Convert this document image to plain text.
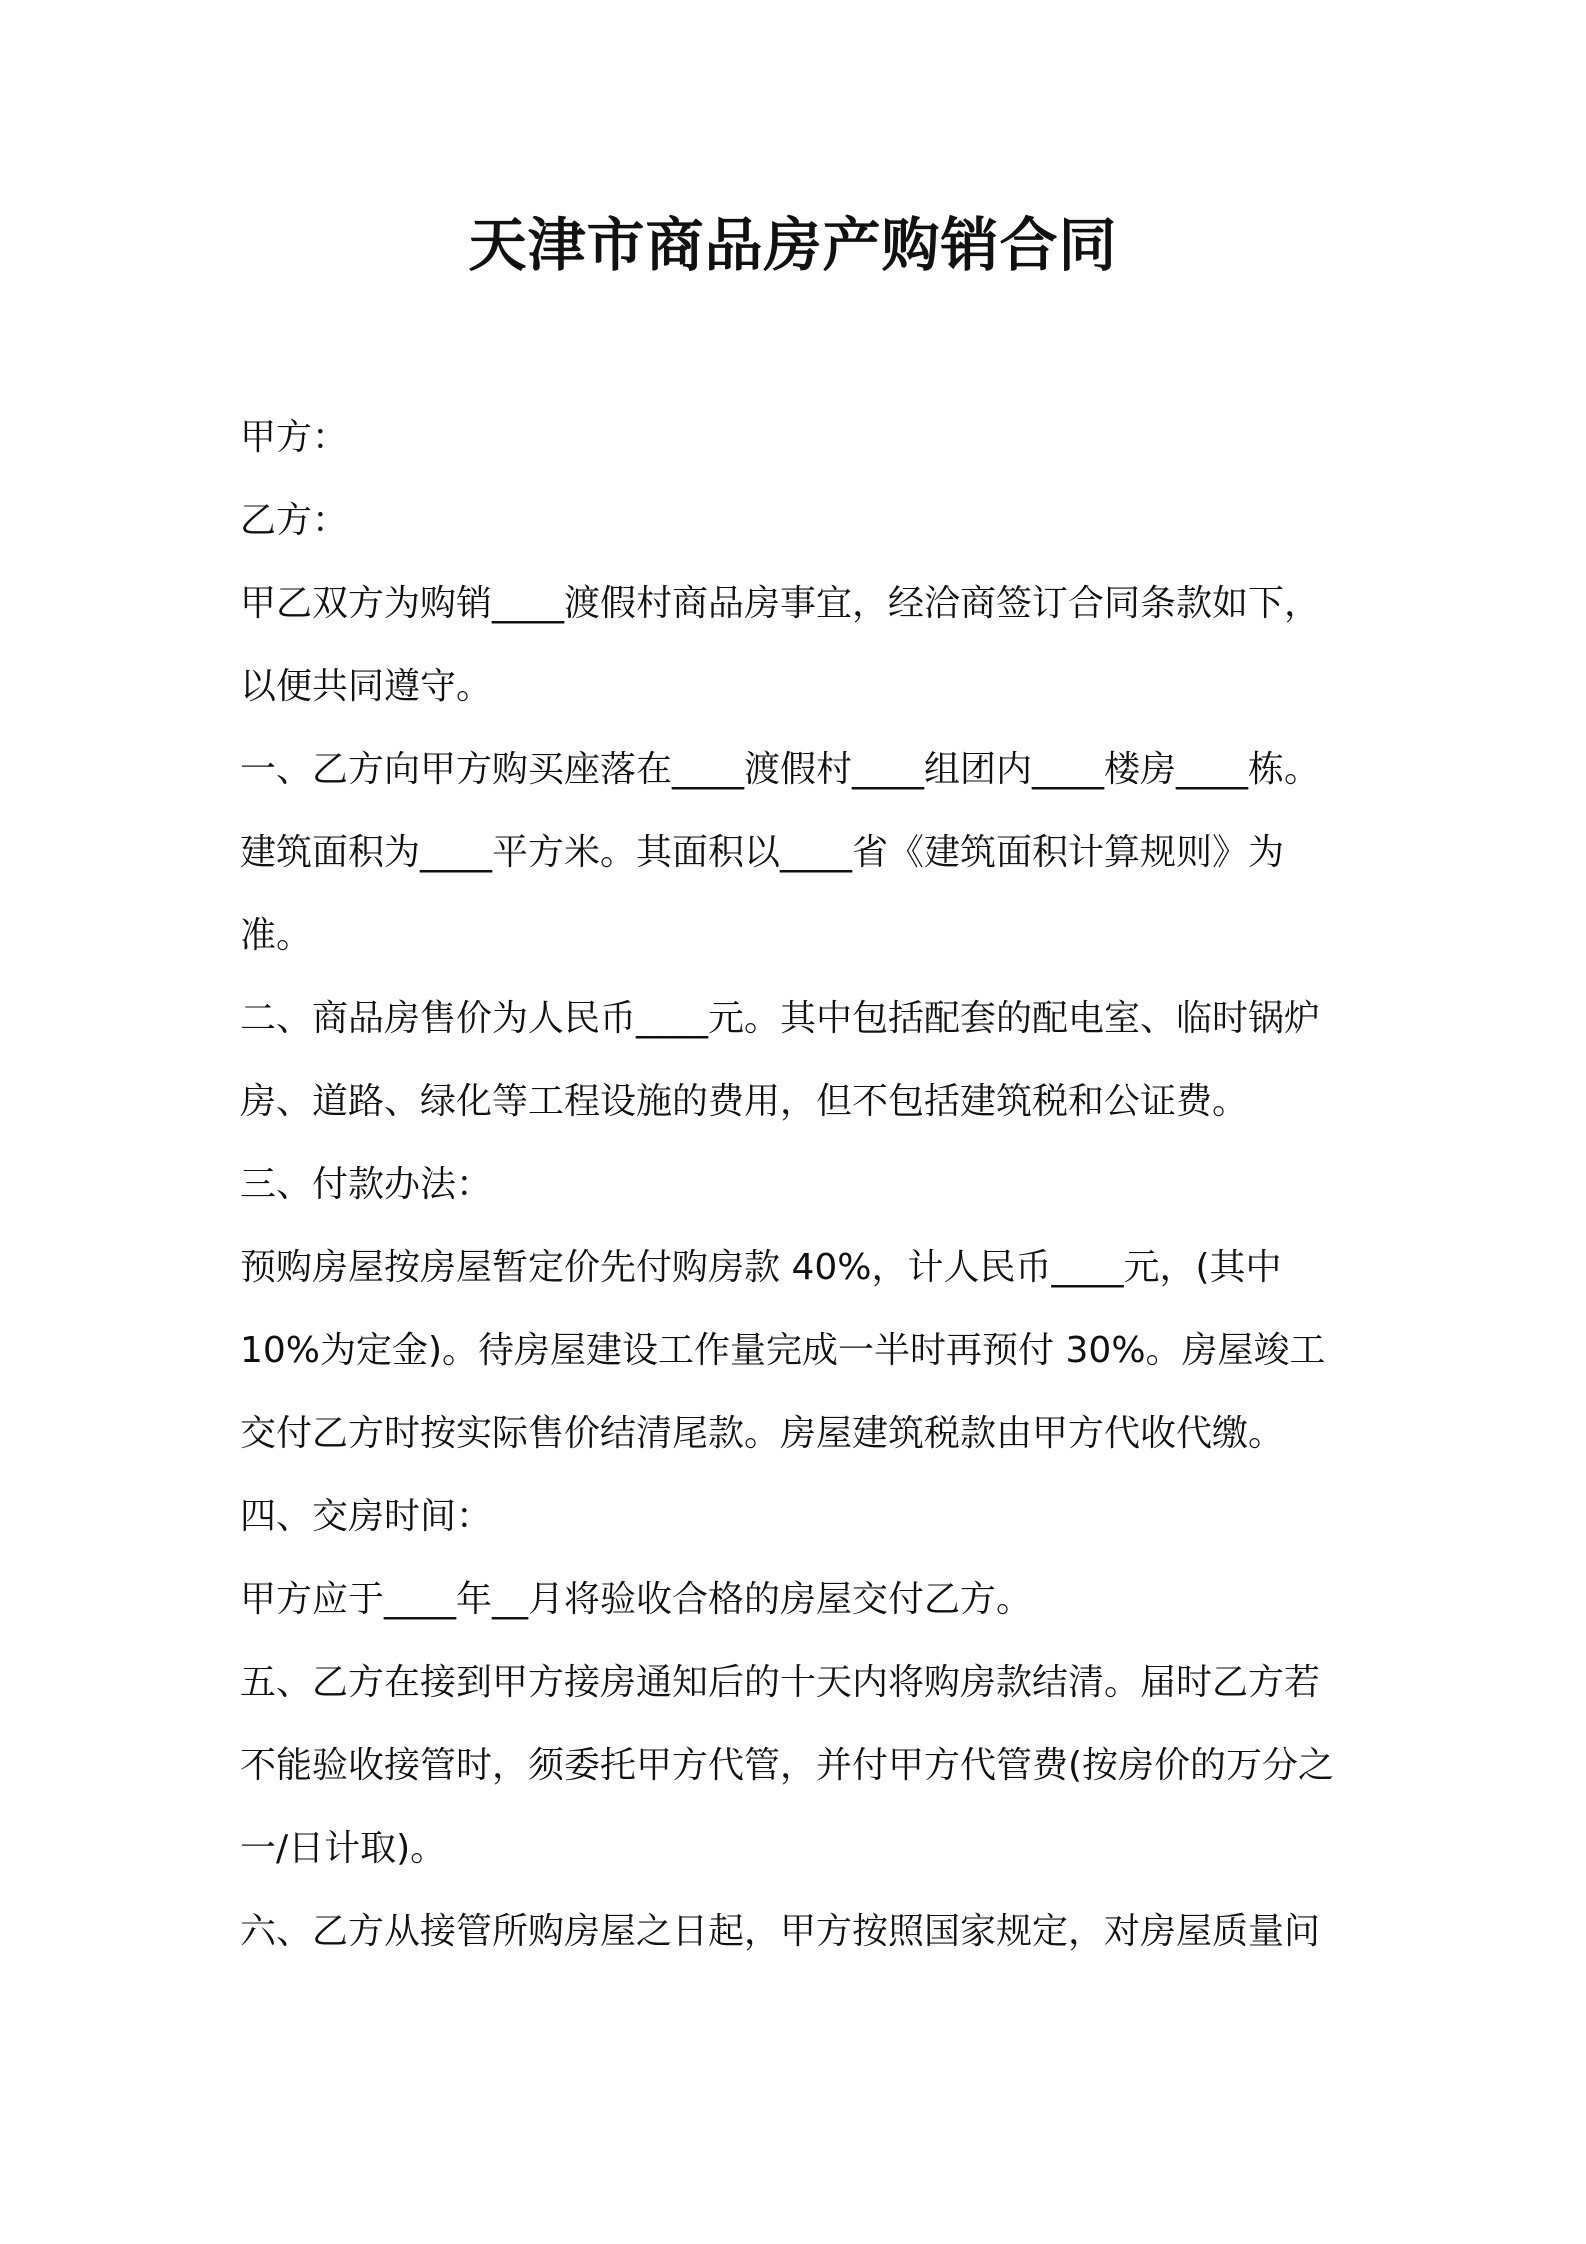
天津市商品房产购销合同

甲方：

乙方：

甲乙双方为购销____渡假村商品房事宜，经洽商签订合同条款如下，以便共同遵守。

一、乙方向甲方购买座落在____渡假村____组团内____楼房____栋。建筑面积为____平方米。其面积以____省《建筑面积计算规则》为准。

二、商品房售价为人民币____元。其中包括配套的配电室、临时锅炉房、道路、绿化等工程设施的费用，但不包括建筑税和公证费。

三、付款办法：

预购房屋按房屋暂定价先付购房款 40%，计人民币____元，(其中10%为定金)。待房屋建设工作量完成一半时再预付 30%。房屋竣工交付乙方时按实际售价结清尾款。房屋建筑税款由甲方代收代缴。

四、交房时间：

甲方应于____年__月将验收合格的房屋交付乙方。

五、乙方在接到甲方接房通知后的十天内将购房款结清。届时乙方若不能验收接管时，须委托甲方代管，并付甲方代管费(按房价的万分之一/日计取)。

六、乙方从接管所购房屋之日起，甲方按照国家规定，对房屋质量问
